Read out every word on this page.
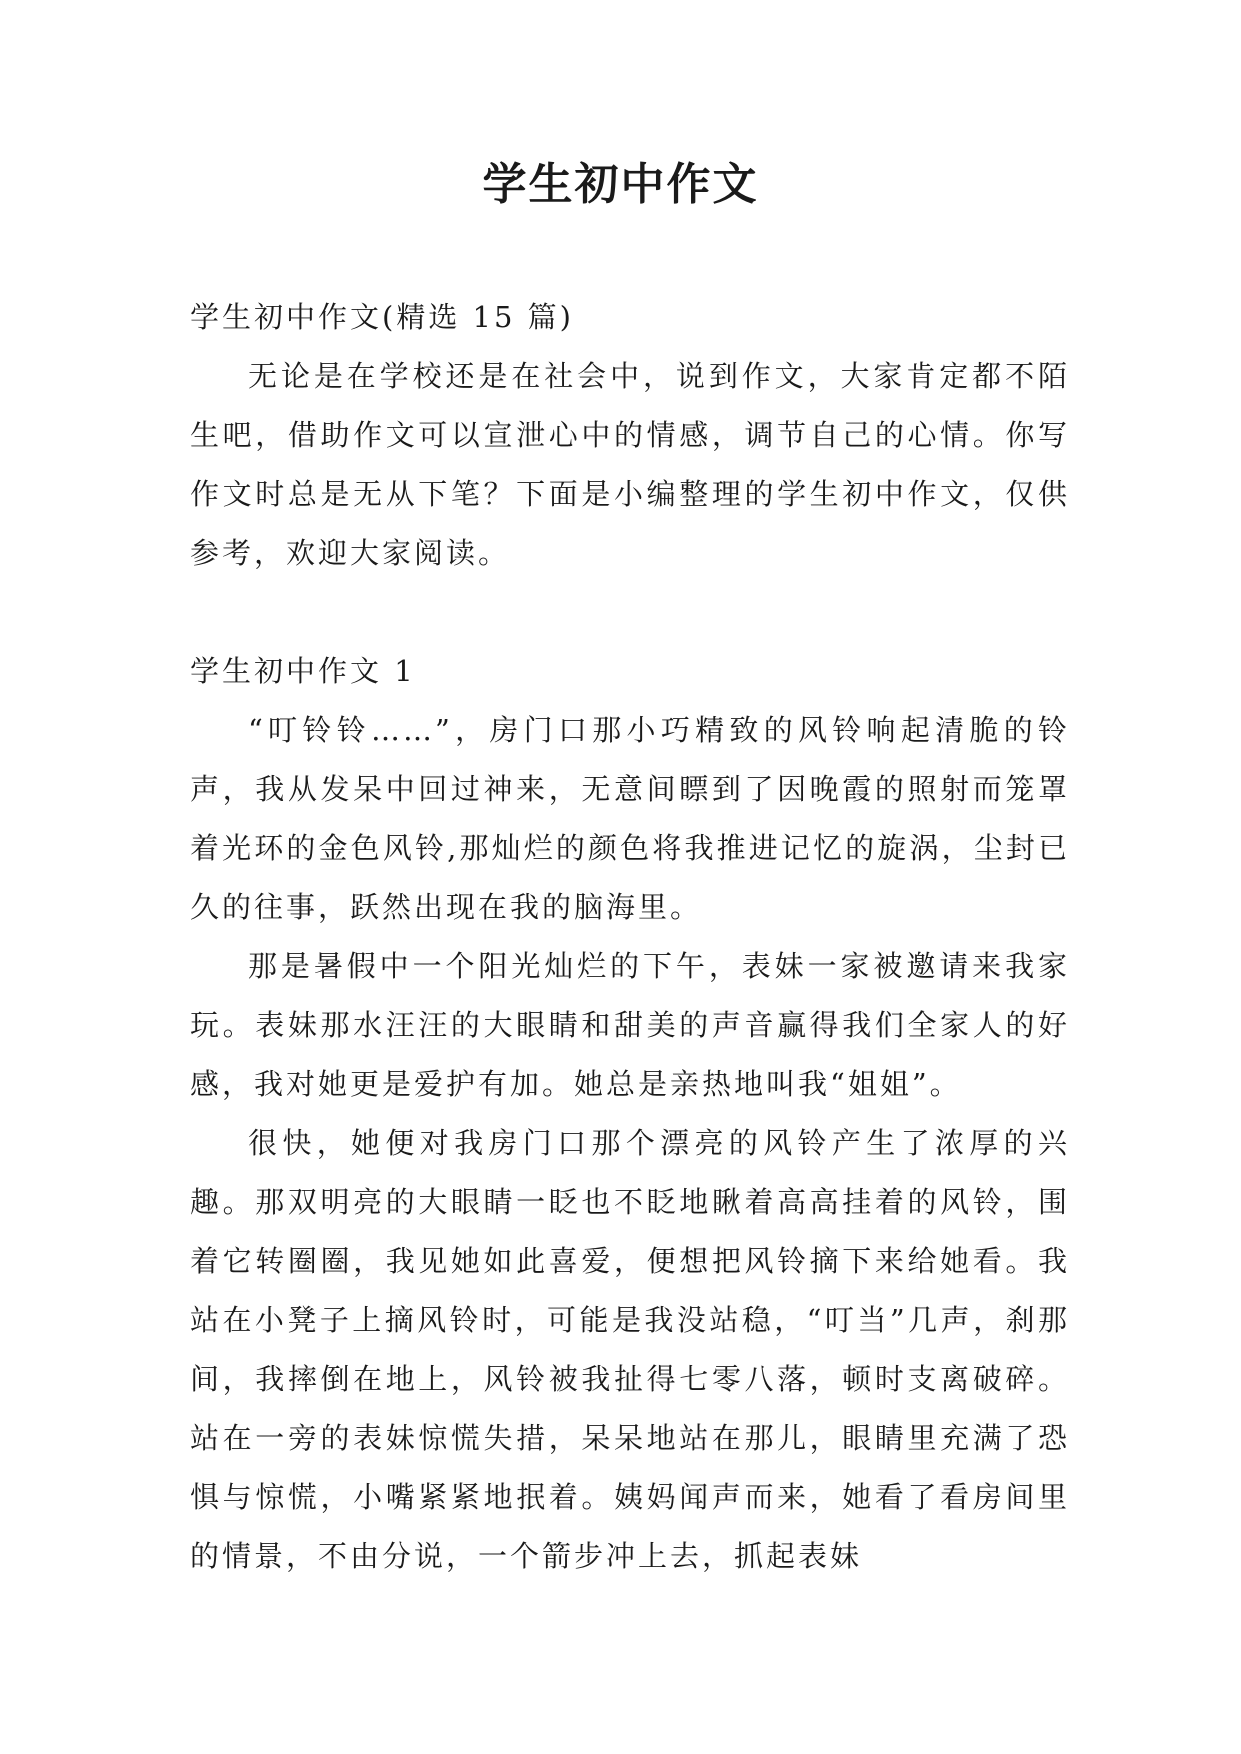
学生初中作文

学生初中作文(精选 15 篇)

无论是在学校还是在社会中，说到作文，大家肯定都不陌生吧，借助作文可以宣泄心中的情感，调节自己的心情。你写作文时总是无从下笔？下面是小编整理的学生初中作文，仅供参考，欢迎大家阅读。

学生初中作文 1

“叮铃铃……”，房门口那小巧精致的风铃响起清脆的铃声，我从发呆中回过神来，无意间瞟到了因晚霞的照射而笼罩着光环的金色风铃,那灿烂的颜色将我推进记忆的旋涡，尘封已久的往事，跃然出现在我的脑海里。

那是暑假中一个阳光灿烂的下午，表妹一家被邀请来我家玩。表妹那水汪汪的大眼睛和甜美的声音赢得我们全家人的好感，我对她更是爱护有加。她总是亲热地叫我“姐姐”。

很快，她便对我房门口那个漂亮的风铃产生了浓厚的兴趣。那双明亮的大眼睛一眨也不眨地瞅着高高挂着的风铃，围着它转圈圈，我见她如此喜爱，便想把风铃摘下来给她看。我站在小凳子上摘风铃时，可能是我没站稳，“叮当”几声，刹那间，我摔倒在地上，风铃被我扯得七零八落，顿时支离破碎。站在一旁的表妹惊慌失措，呆呆地站在那儿，眼睛里充满了恐惧与惊慌，小嘴紧紧地抿着。姨妈闻声而来，她看了看房间里的情景，不由分说，一个箭步冲上去，抓起表妹
